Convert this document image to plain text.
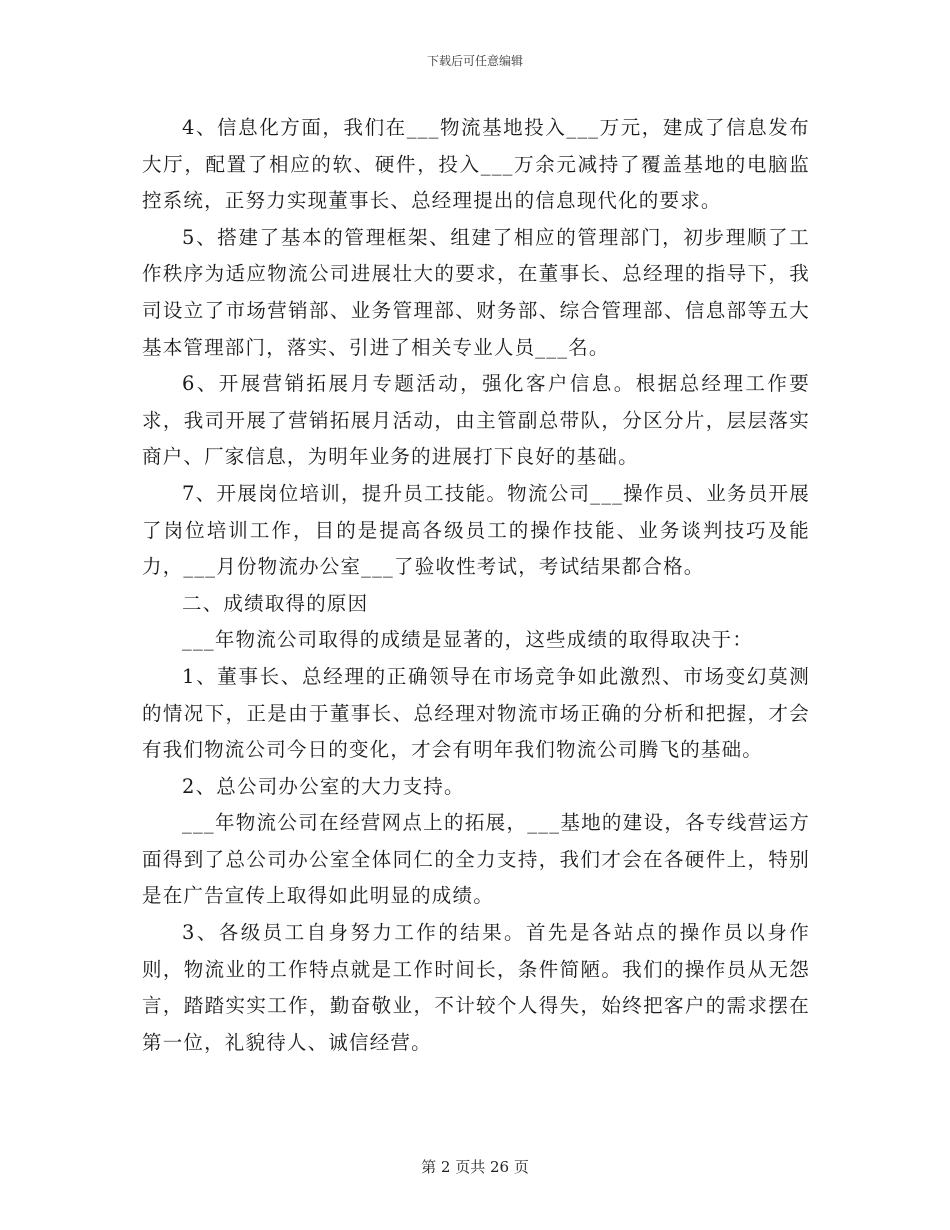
下载后可任意编辑

4、信息化方面，我们在___物流基地投入___万元，建成了信息发布大厅，配置了相应的软、硬件，投入___万余元减持了覆盖基地的电脑监控系统，正努力实现董事长、总经理提出的信息现代化的要求。

5、搭建了基本的管理框架、组建了相应的管理部门，初步理顺了工作秩序为适应物流公司进展壮大的要求，在董事长、总经理的指导下，我司设立了市场营销部、业务管理部、财务部、综合管理部、信息部等五大基本管理部门，落实、引进了相关专业人员___名。

6、开展营销拓展月专题活动，强化客户信息。根据总经理工作要求，我司开展了营销拓展月活动，由主管副总带队，分区分片，层层落实商户、厂家信息，为明年业务的进展打下良好的基础。

7、开展岗位培训，提升员工技能。物流公司___操作员、业务员开展了岗位培训工作，目的是提高各级员工的操作技能、业务谈判技巧及能力，___月份物流办公室___了验收性考试，考试结果都合格。

二、成绩取得的原因

___年物流公司取得的成绩是显著的，这些成绩的取得取决于：

1、董事长、总经理的正确领导在市场竞争如此激烈、市场变幻莫测的情况下，正是由于董事长、总经理对物流市场正确的分析和把握，才会有我们物流公司今日的变化，才会有明年我们物流公司腾飞的基础。

2、总公司办公室的大力支持。

___年物流公司在经营网点上的拓展，___基地的建设，各专线营运方面得到了总公司办公室全体同仁的全力支持，我们才会在各硬件上，特别是在广告宣传上取得如此明显的成绩。

3、各级员工自身努力工作的结果。首先是各站点的操作员以身作则，物流业的工作特点就是工作时间长，条件简陋。我们的操作员从无怨言，踏踏实实工作，勤奋敬业，不计较个人得失，始终把客户的需求摆在第一位，礼貌待人、诚信经营。

第 2 页共 26 页
